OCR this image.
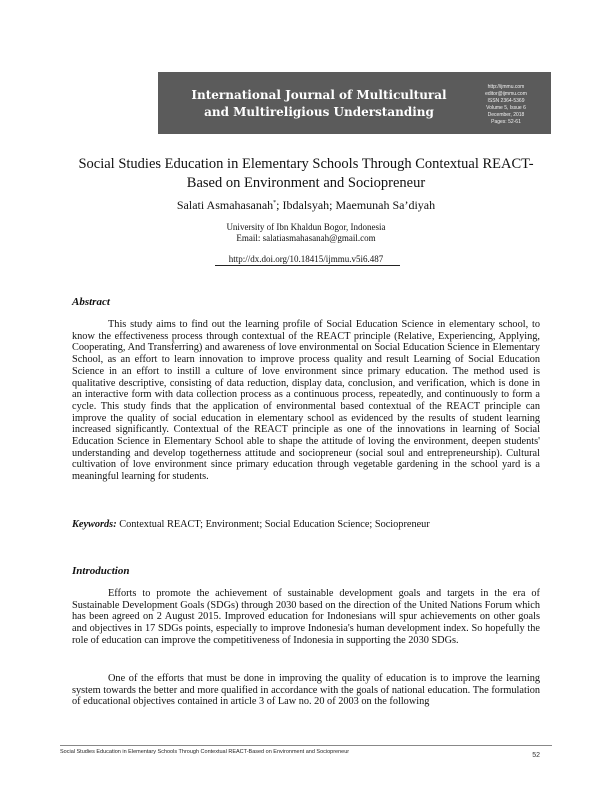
International Journal of Multicultural
and Multireligious Understanding
http://ijmmu.com
editor@ijmmu.com
ISSN 2364-5369
Volume 5, Issue 6
December, 2018
Pages: 52-61
Social Studies Education in Elementary Schools Through Contextual REACT-
Based on Environment and Sociopreneur
Salati Asmahasanah*; Ibdalsyah; Maemunah Sa’diyah
University of Ibn Khaldun Bogor, Indonesia
Email: salatiasmahasanah@gmail.com
http://dx.doi.org/10.18415/ijmmu.v5i6.487
Abstract

This study aims to find out the learning profile of Social Education Science in elementary school, to know the effectiveness process through contextual of the REACT principle (Relative, Experiencing, Applying, Cooperating, And Transferring) and awareness of love environmental on Social Education Science in Elementary School, as an effort to learn innovation to improve process quality and result Learning of Social Education Science in an effort to instill a culture of love environment since primary education. The method used is qualitative descriptive, consisting of data reduction, display data, conclusion, and verification, which is done in an interactive form with data collection process as a continuous process, repeatedly, and continuously to form a cycle. This study finds that the application of environmental based contextual of the REACT principle can improve the quality of social education in elementary school as evidenced by the results of student learning increased significantly. Contextual of the REACT principle as one of the innovations in learning of Social Education Science in Elementary School able to shape the attitude of loving the environment, deepen students' understanding and develop togetherness attitude and sociopreneur (social soul and entrepreneurship). Cultural cultivation of love environment since primary education through vegetable gardening in the school yard is a meaningful learning for students.

Keywords: Contextual REACT; Environment; Social Education Science; Sociopreneur
Introduction

Efforts to promote the achievement of sustainable development goals and targets in the era of Sustainable Development Goals (SDGs) through 2030 based on the direction of the United Nations Forum which has been agreed on 2 August 2015. Improved education for Indonesians will spur achievements on other goals and objectives in 17 SDGs points, especially to improve Indonesia's human development index. So hopefully the role of education can improve the competitiveness of Indonesia in supporting the 2030 SDGs.

One of the efforts that must be done in improving the quality of education is to improve the learning system towards the better and more qualified in accordance with the goals of national education. The formulation of educational objectives contained in article 3 of Law no. 20 of 2003 on the following

Social Studies Education in Elementary Schools Through Contextual REACT-Based on Environment and Sociopreneur	52
